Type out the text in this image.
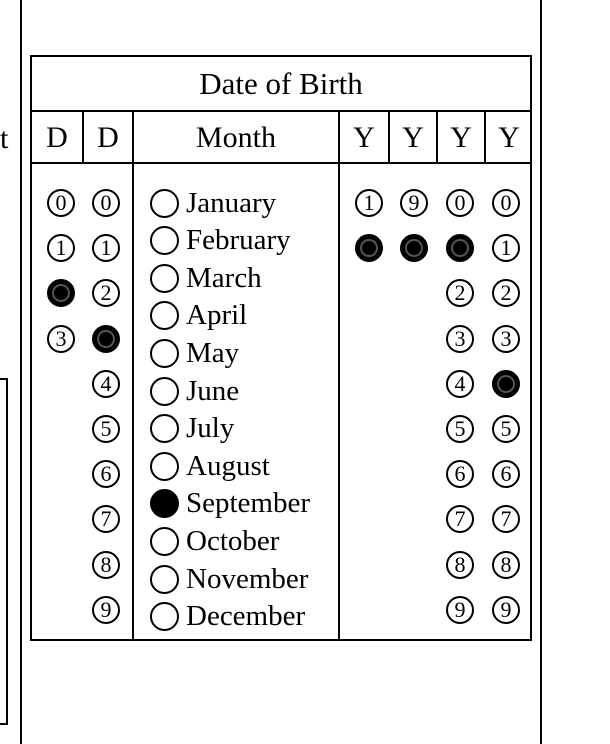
t
Date of Birth
D D	Month	Y Y Y Y
0
1
2
3
0
1
2
3
4
5
6
7
8
9
1
2
9
0
0
1
2
3
4
5
6
7
8
9
0
1
2
3
4
5
6
7
8
9
January
February
March
April
May
June
July
August
September
October
November
December
